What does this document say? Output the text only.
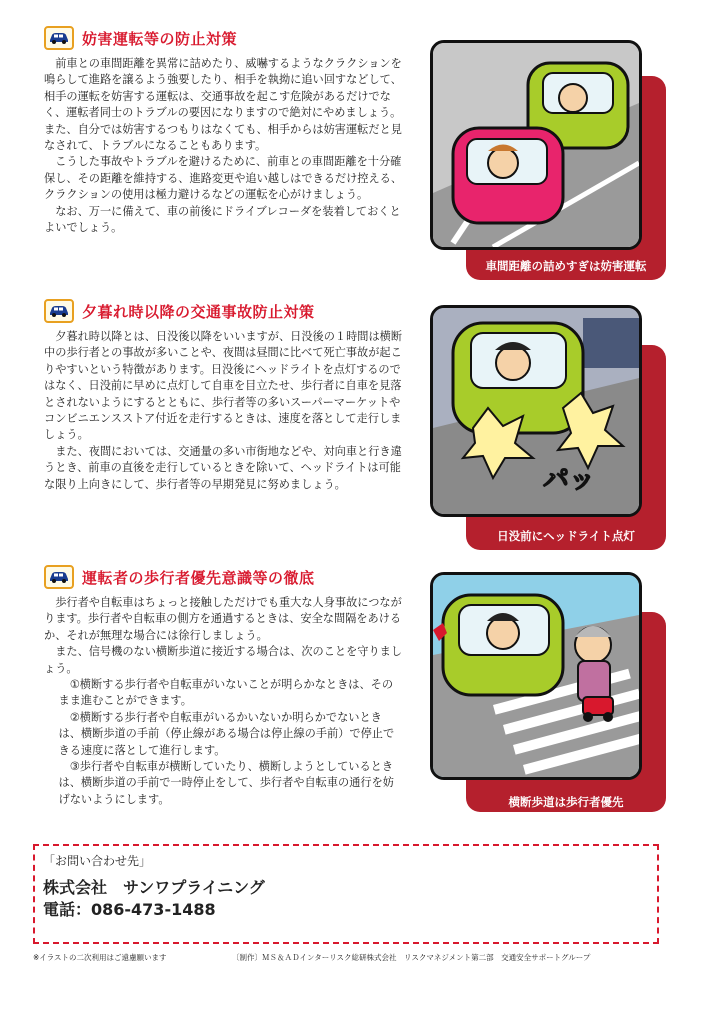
妨害運転等の防止対策

前車との車間距離を異常に詰めたり、威嚇するようなクラクションを鳴らして進路を譲るよう強要したり、相手を執拗に追い回すなどして、相手の運転を妨害する運転は、交通事故を起こす危険があるだけでなく、運転者同士のトラブルの要因になりますので絶対にやめましょう。また、自分では妨害するつもりはなくても、相手からは妨害運転だと見なされて、トラブルになることもあります。

こうした事故やトラブルを避けるために、前車との車間距離を十分確保し、その距離を維持する、進路変更や追い越しはできるだけ控える、クラクションの使用は極力避けるなどの運転を心がけましょう。

なお、万一に備えて、車の前後にドライブレコーダを装着しておくとよいでしょう。

車間距離の詰めすぎは妨害運転
夕暮れ時以降の交通事故防止対策

夕暮れ時以降とは、日没後以降をいいますが、日没後の１時間は横断中の歩行者との事故が多いことや、夜間は昼間に比べて死亡事故が起こりやすいという特徴があります。日没後にヘッドライトを点灯するのではなく、日没前に早めに点灯して自車を目立たせ、歩行者に自車を見落とされないようにするとともに、歩行者等の多いスーパーマーケットやコンビニエンスストア付近を走行するときは、速度を落として走行しましょう。

また、夜間においては、交通量の多い市街地などや、対向車と行き違うとき、前車の直後を走行しているときを除いて、ヘッドライトは可能な限り上向きにして、歩行者等の早期発見に努めましょう。	パッ
日没前にヘッドライト点灯
運転者の歩行者優先意識等の徹底

歩行者や自転車はちょっと接触しただけでも重大な人身事故につながります。歩行者や自転車の側方を通過するときは、安全な間隔をあけるか、それが無理な場合には徐行しましょう。

また、信号機のない横断歩道に接近する場合は、次のことを守りましょう。

①横断する歩行者や自転車がいないことが明らかなときは、そのまま進むことができます。

②横断する歩行者や自転車がいるかいないか明らかでないときは、横断歩道の手前（停止線がある場合は停止線の手前）で停止できる速度に落として進行します。

③歩行者や自転車が横断していたり、横断しようとしているときは、横断歩道の手前で一時停止をして、歩行者や自転車の通行を妨げないようにします。	横断歩道は歩行者優先
「お問い合わせ先」
株式会社　サンワプライニング
電話：086-473-1488
※イラストの二次利用はご遠慮願います	〔制作〕ＭＳ＆ＡＤインターリスク総研株式会社　リスクマネジメント第二部　交通安全サポートグループ
